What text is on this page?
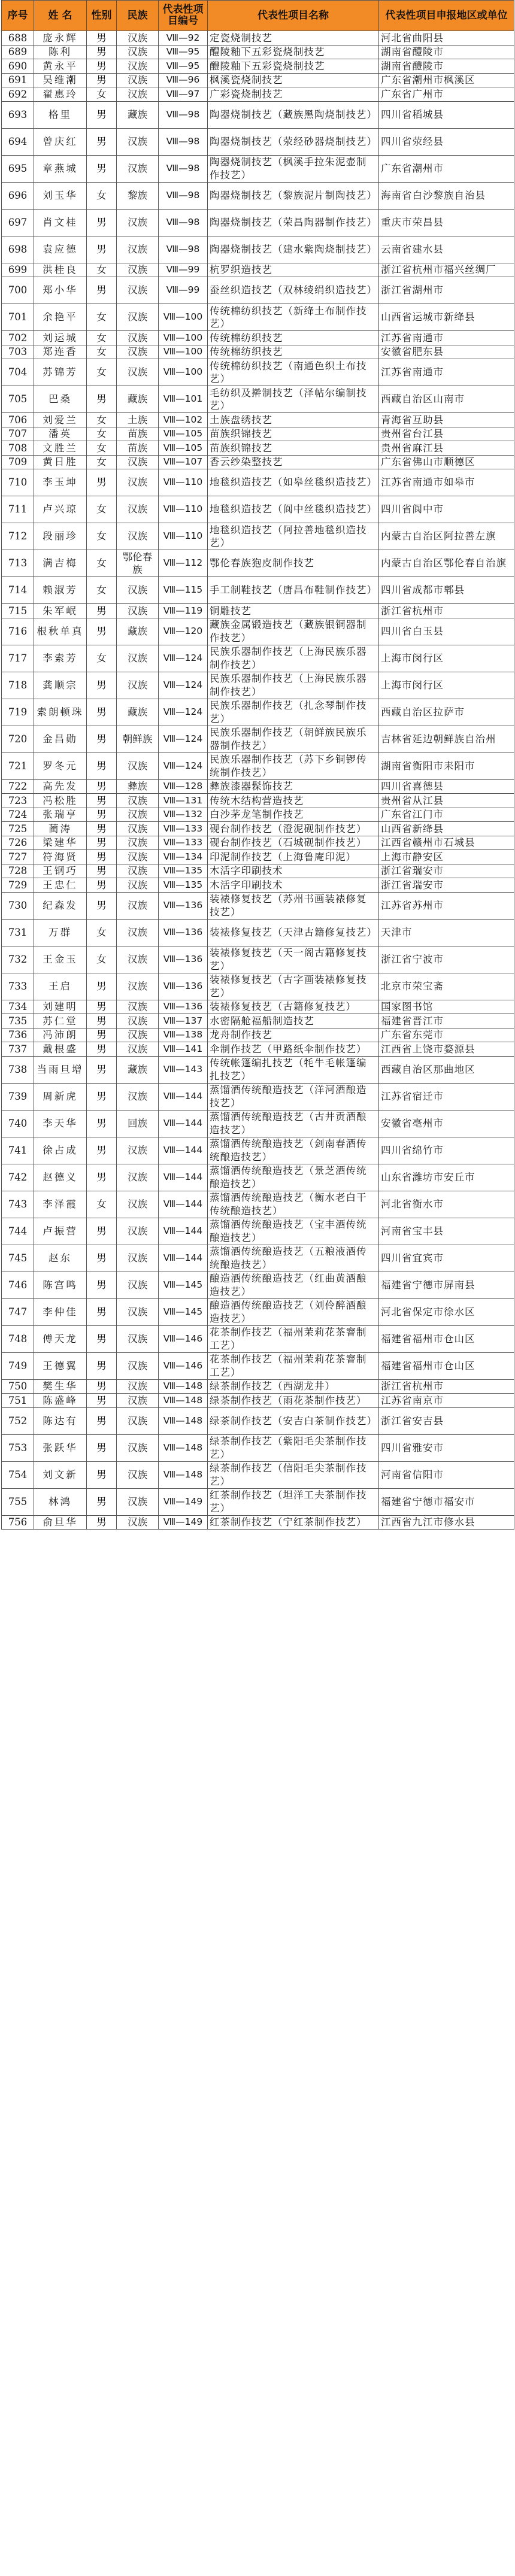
序号	姓 名	性别	民族	代表性项目编号	代表性项目名称	代表性项目申报地区或单位
688	庞永辉	男	汉族	Ⅷ—92	定瓷烧制技艺	河北省曲阳县
689	陈利	男	汉族	Ⅷ—95	醴陵釉下五彩瓷烧制技艺	湖南省醴陵市
690	黄永平	男	汉族	Ⅷ—95	醴陵釉下五彩瓷烧制技艺	湖南省醴陵市
691	吴维潮	男	汉族	Ⅷ—96	枫溪瓷烧制技艺	广东省潮州市枫溪区
692	翟惠玲	女	汉族	Ⅷ—97	广彩瓷烧制技艺	广东省广州市
693	格里	男	藏族	Ⅷ—98	陶器烧制技艺（藏族黑陶烧制技艺）	四川省稻城县
694	曾庆红	男	汉族	Ⅷ—98	陶器烧制技艺（荥经砂器烧制技艺）	四川省荥经县
695	章燕城	男	汉族	Ⅷ—98	陶器烧制技艺（枫溪手拉朱泥壶制作技艺）	广东省潮州市
696	刘玉华	女	黎族	Ⅷ—98	陶器烧制技艺（黎族泥片制陶技艺）	海南省白沙黎族自治县
697	肖文桂	男	汉族	Ⅷ—98	陶器烧制技艺（荣昌陶器制作技艺）	重庆市荣昌县
698	袁应德	男	汉族	Ⅷ—98	陶器烧制技艺（建水紫陶烧制技艺）	云南省建水县
699	洪桂良	女	汉族	Ⅷ—99	杭罗织造技艺	浙江省杭州市福兴丝绸厂
700	郑小华	男	汉族	Ⅷ—99	蚕丝织造技艺（双林绫绢织造技艺）	浙江省湖州市
701	余艳平	女	汉族	Ⅷ—100	传统棉纺织技艺（新绛土布制作技艺）	山西省运城市新绛县
702	刘运城	女	汉族	Ⅷ—100	传统棉纺织技艺	江苏省南通市
703	郑连香	女	汉族	Ⅷ—100	传统棉纺织技艺	安徽省肥东县
704	苏锦芳	女	汉族	Ⅷ—100	传统棉纺织技艺（南通色织土布技艺）	江苏省南通市
705	巴桑	男	藏族	Ⅷ—101	毛纺织及擀制技艺（泽帖尔编制技艺）	西藏自治区山南市
706	刘爱兰	女	土族	Ⅷ—102	土族盘绣技艺	青海省互助县
707	潘英	女	苗族	Ⅷ—105	苗族织锦技艺	贵州省台江县
708	文胜兰	女	苗族	Ⅷ—105	苗族织锦技艺	贵州省麻江县
709	黄日胜	女	汉族	Ⅷ—107	香云纱染整技艺	广东省佛山市顺德区
710	李玉坤	男	汉族	Ⅷ—110	地毯织造技艺（如皋丝毯织造技艺）	江苏省南通市如皋市
711	卢兴琼	女	汉族	Ⅷ—110	地毯织造技艺（阆中丝毯织造技艺）	四川省阆中市
712	段丽珍	女	汉族	Ⅷ—110	地毯织造技艺（阿拉善地毯织造技艺）	内蒙古自治区阿拉善左旗
713	满吉梅	女	鄂伦春族	Ⅷ—112	鄂伦春族狍皮制作技艺	内蒙古自治区鄂伦春自治旗
714	赖淑芳	女	汉族	Ⅷ—115	手工制鞋技艺（唐昌布鞋制作技艺）	四川省成都市郫县
715	朱军岷	男	汉族	Ⅷ—119	铜雕技艺	浙江省杭州市
716	根秋单真	男	藏族	Ⅷ—120	藏族金属锻造技艺（藏族银铜器制作技艺）	四川省白玉县
717	李索芳	女	汉族	Ⅷ—124	民族乐器制作技艺（上海民族乐器制作技艺）	上海市闵行区
718	龚顺宗	男	汉族	Ⅷ—124	民族乐器制作技艺（上海民族乐器制作技艺）	上海市闵行区
719	索朗顿珠	男	藏族	Ⅷ—124	民族乐器制作技艺（扎念琴制作技艺）	西藏自治区拉萨市
720	金昌勋	男	朝鲜族	Ⅷ—124	民族乐器制作技艺（朝鲜族民族乐器制作技艺）	吉林省延边朝鲜族自治州
721	罗冬元	男	汉族	Ⅷ—124	民族乐器制作技艺（苏下乡铜锣传统制作技艺）	湖南省衡阳市耒阳市
722	高先发	男	彝族	Ⅷ—128	彝族漆器髹饰技艺	四川省喜德县
723	冯松胜	男	汉族	Ⅷ—131	传统木结构营造技艺	贵州省从江县
724	张瑞亨	男	汉族	Ⅷ—132	白沙茅龙笔制作技艺	广东省江门市
725	蔺涛	男	汉族	Ⅷ—133	砚台制作技艺（澄泥砚制作技艺）	山西省新绛县
726	梁建华	男	汉族	Ⅷ—133	砚台制作技艺（石城砚制作技艺）	江西省赣州市石城县
727	符海贤	男	汉族	Ⅷ—134	印泥制作技艺（上海鲁庵印泥）	上海市静安区
728	王钢巧	男	汉族	Ⅷ—135	木活字印刷技术	浙江省瑞安市
729	王忠仁	男	汉族	Ⅷ—135	木活字印刷技术	浙江省瑞安市
730	纪森发	男	汉族	Ⅷ—136	装裱修复技艺（苏州书画装裱修复技艺）	江苏省苏州市
731	万群	女	汉族	Ⅷ—136	装裱修复技艺（天津古籍修复技艺）	天津市
732	王金玉	女	汉族	Ⅷ—136	装裱修复技艺（天一阁古籍修复技艺）	浙江省宁波市
733	王启	男	汉族	Ⅷ—136	装裱修复技艺（古字画装裱修复技艺）	北京市荣宝斋
734	刘建明	男	汉族	Ⅷ—136	装裱修复技艺（古籍修复技艺）	国家图书馆
735	苏仁堂	男	汉族	Ⅷ—137	水密隔舱福船制造技艺	福建省晋江市
736	冯沛朗	男	汉族	Ⅷ—138	龙舟制作技艺	广东省东莞市
737	戴根盛	男	汉族	Ⅷ—141	伞制作技艺（甲路纸伞制作技艺）	江西省上饶市婺源县
738	当雨旦增	男	藏族	Ⅷ—143	传统帐篷编扎技艺（牦牛毛帐篷编扎技艺）	西藏自治区那曲地区
739	周新虎	男	汉族	Ⅷ—144	蒸馏酒传统酿造技艺（洋河酒酿造技艺）	江苏省宿迁市
740	李天华	男	回族	Ⅷ—144	蒸馏酒传统酿造技艺（古井贡酒酿造技艺）	安徽省亳州市
741	徐占成	男	汉族	Ⅷ—144	蒸馏酒传统酿造技艺（剑南春酒传统酿造技艺）	四川省绵竹市
742	赵德义	男	汉族	Ⅷ—144	蒸馏酒传统酿造技艺（景芝酒传统酿造技艺）	山东省潍坊市安丘市
743	李泽霞	女	汉族	Ⅷ—144	蒸馏酒传统酿造技艺（衡水老白干传统酿造技艺）	河北省衡水市
744	卢振营	男	汉族	Ⅷ—144	蒸馏酒传统酿造技艺（宝丰酒传统酿造技艺）	河南省宝丰县
745	赵东	男	汉族	Ⅷ—144	蒸馏酒传统酿造技艺（五粮液酒传统酿造技艺）	四川省宜宾市
746	陈宫鸣	男	汉族	Ⅷ—145	酿造酒传统酿造技艺（红曲黄酒酿造技艺）	福建省宁德市屏南县
747	李仲佳	男	汉族	Ⅷ—145	酿造酒传统酿造技艺（刘伶醉酒酿造技艺）	河北省保定市徐水区
748	傅天龙	男	汉族	Ⅷ—146	花茶制作技艺（福州茉莉花茶窨制工艺）	福建省福州市仓山区
749	王德翼	男	汉族	Ⅷ—146	花茶制作技艺（福州茉莉花茶窨制工艺）	福建省福州市仓山区
750	樊生华	男	汉族	Ⅷ—148	绿茶制作技艺（西湖龙井）	浙江省杭州市
751	陈盛峰	男	汉族	Ⅷ—148	绿茶制作技艺（雨花茶制作技艺）	江苏省南京市
752	陈达有	男	汉族	Ⅷ—148	绿茶制作技艺（安吉白茶制作技艺）	浙江省安吉县
753	张跃华	男	汉族	Ⅷ—148	绿茶制作技艺（紫阳毛尖茶制作技艺）	四川省雅安市
754	刘文新	男	汉族	Ⅷ—148	绿茶制作技艺（信阳毛尖茶制作技艺）	河南省信阳市
755	林鸿	男	汉族	Ⅷ—149	红茶制作技艺（坦洋工夫茶制作技艺）	福建省宁德市福安市
756	俞旦华	男	汉族	Ⅷ—149	红茶制作技艺（宁红茶制作技艺）	江西省九江市修水县
